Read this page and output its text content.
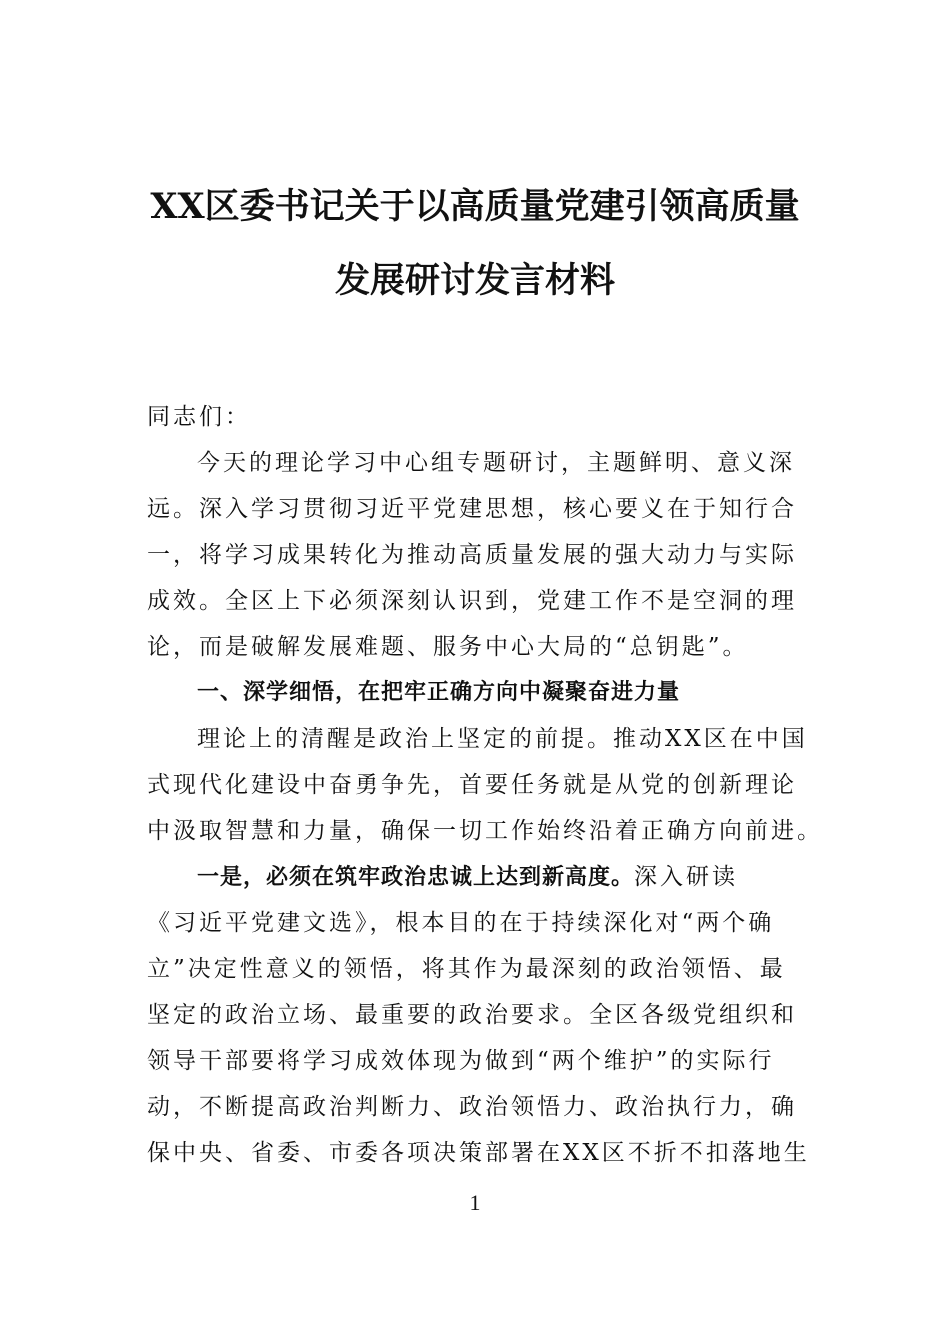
XX区委书记关于以高质量党建引领高质量
发展研讨发言材料
同志们：
今天的理论学习中心组专题研讨，主题鲜明、意义深
远。深入学习贯彻习近平党建思想，核心要义在于知行合
一，将学习成果转化为推动高质量发展的强大动力与实际
成效。全区上下必须深刻认识到，党建工作不是空洞的理
论，而是破解发展难题、服务中心大局的“总钥匙”。
一、深学细悟，在把牢正确方向中凝聚奋进力量
理论上的清醒是政治上坚定的前提。推动XX区在中国
式现代化建设中奋勇争先，首要任务就是从党的创新理论
中汲取智慧和力量，确保一切工作始终沿着正确方向前进。
一是，必须在筑牢政治忠诚上达到新高度。深入研读
《习近平党建文选》，根本目的在于持续深化对“两个确
立”决定性意义的领悟，将其作为最深刻的政治领悟、最
坚定的政治立场、最重要的政治要求。全区各级党组织和
领导干部要将学习成效体现为做到“两个维护”的实际行
动，不断提高政治判断力、政治领悟力、政治执行力，确
保中央、省委、市委各项决策部署在XX区不折不扣落地生
1
